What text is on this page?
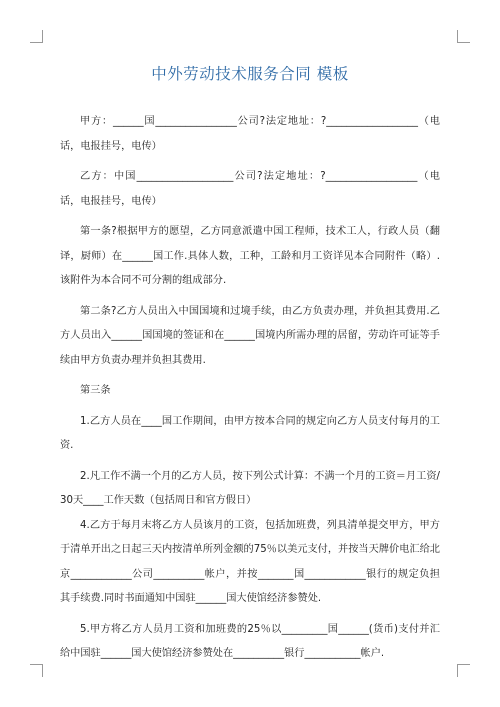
中外劳动技术服务合同 模板

甲方：______国________________公司?法定地址：?__________________（电话，电报挂号，电传）

乙方：中国___________________公司?法定地址：?__________________（电话，电报挂号，电传）

第一条?根据甲方的愿望，乙方同意派遣中国工程师，技术工人，行政人员（翻译，厨师）在______国工作.具体人数，工种，工龄和月工资详见本合同附件（略）.该附件为本合同不可分割的组成部分.

第二条?乙方人员出入中国国境和过境手续，由乙方负责办理，并负担其费用.乙方人员出入______国国境的签证和在______国境内所需办理的居留，劳动许可证等手续由甲方负责办理并负担其费用.

第三条

1.乙方人员在____国工作期间，由甲方按本合同的规定向乙方人员支付每月的工资.

2.凡工作不满一个月的乙方人员，按下列公式计算：不满一个月的工资＝月工资/30天____工作天数（包括周日和官方假日）

4.乙方于每月末将乙方人员该月的工资，包括加班费，列具清单提交甲方，甲方于清单开出之日起三天内按清单所列金额的75％以美元支付，并按当天牌价电汇给北京____________公司__________帐户，并按_______国____________银行的规定负担其手续费.同时书面通知中国驻______国大使馆经济参赞处.

5.甲方将乙方人员月工资和加班费的25％以_________国______(货币)支付并汇给中国驻______国大使馆经济参赞处在__________银行___________帐户.
